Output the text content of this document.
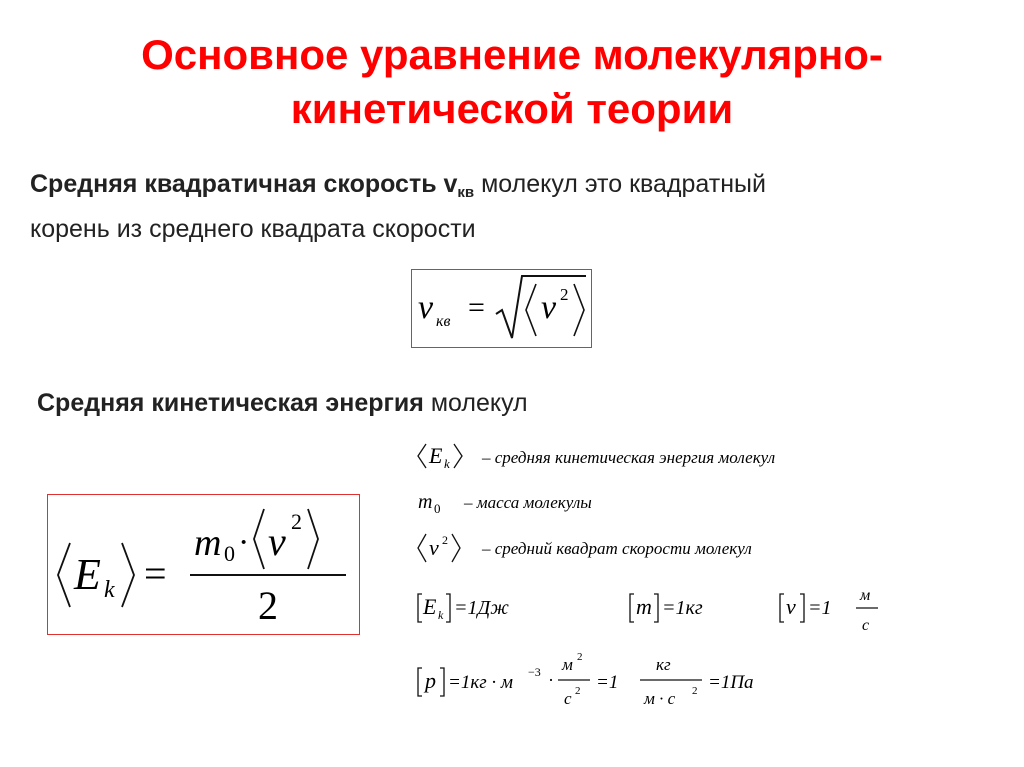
Основное уравнение молекулярно-
кинетической теории
Средняя квадратичная скорость $v_{кв}$ молекул это квадратный
корень из среднего квадрата скорости
v кв = v 2
Средняя кинетическая энергия молекул
E k =
m 0 · v 2
2
E k – средняя кинетическая энергия молекул
m 0 – масса молекулы
v 2 – средний квадрат скорости молекул
E k =1Дж	m =1кг	v =1
м
с
p =1кг · м −3 ·
м 2
с 2 =1
кг
м · с 2 =1Па
